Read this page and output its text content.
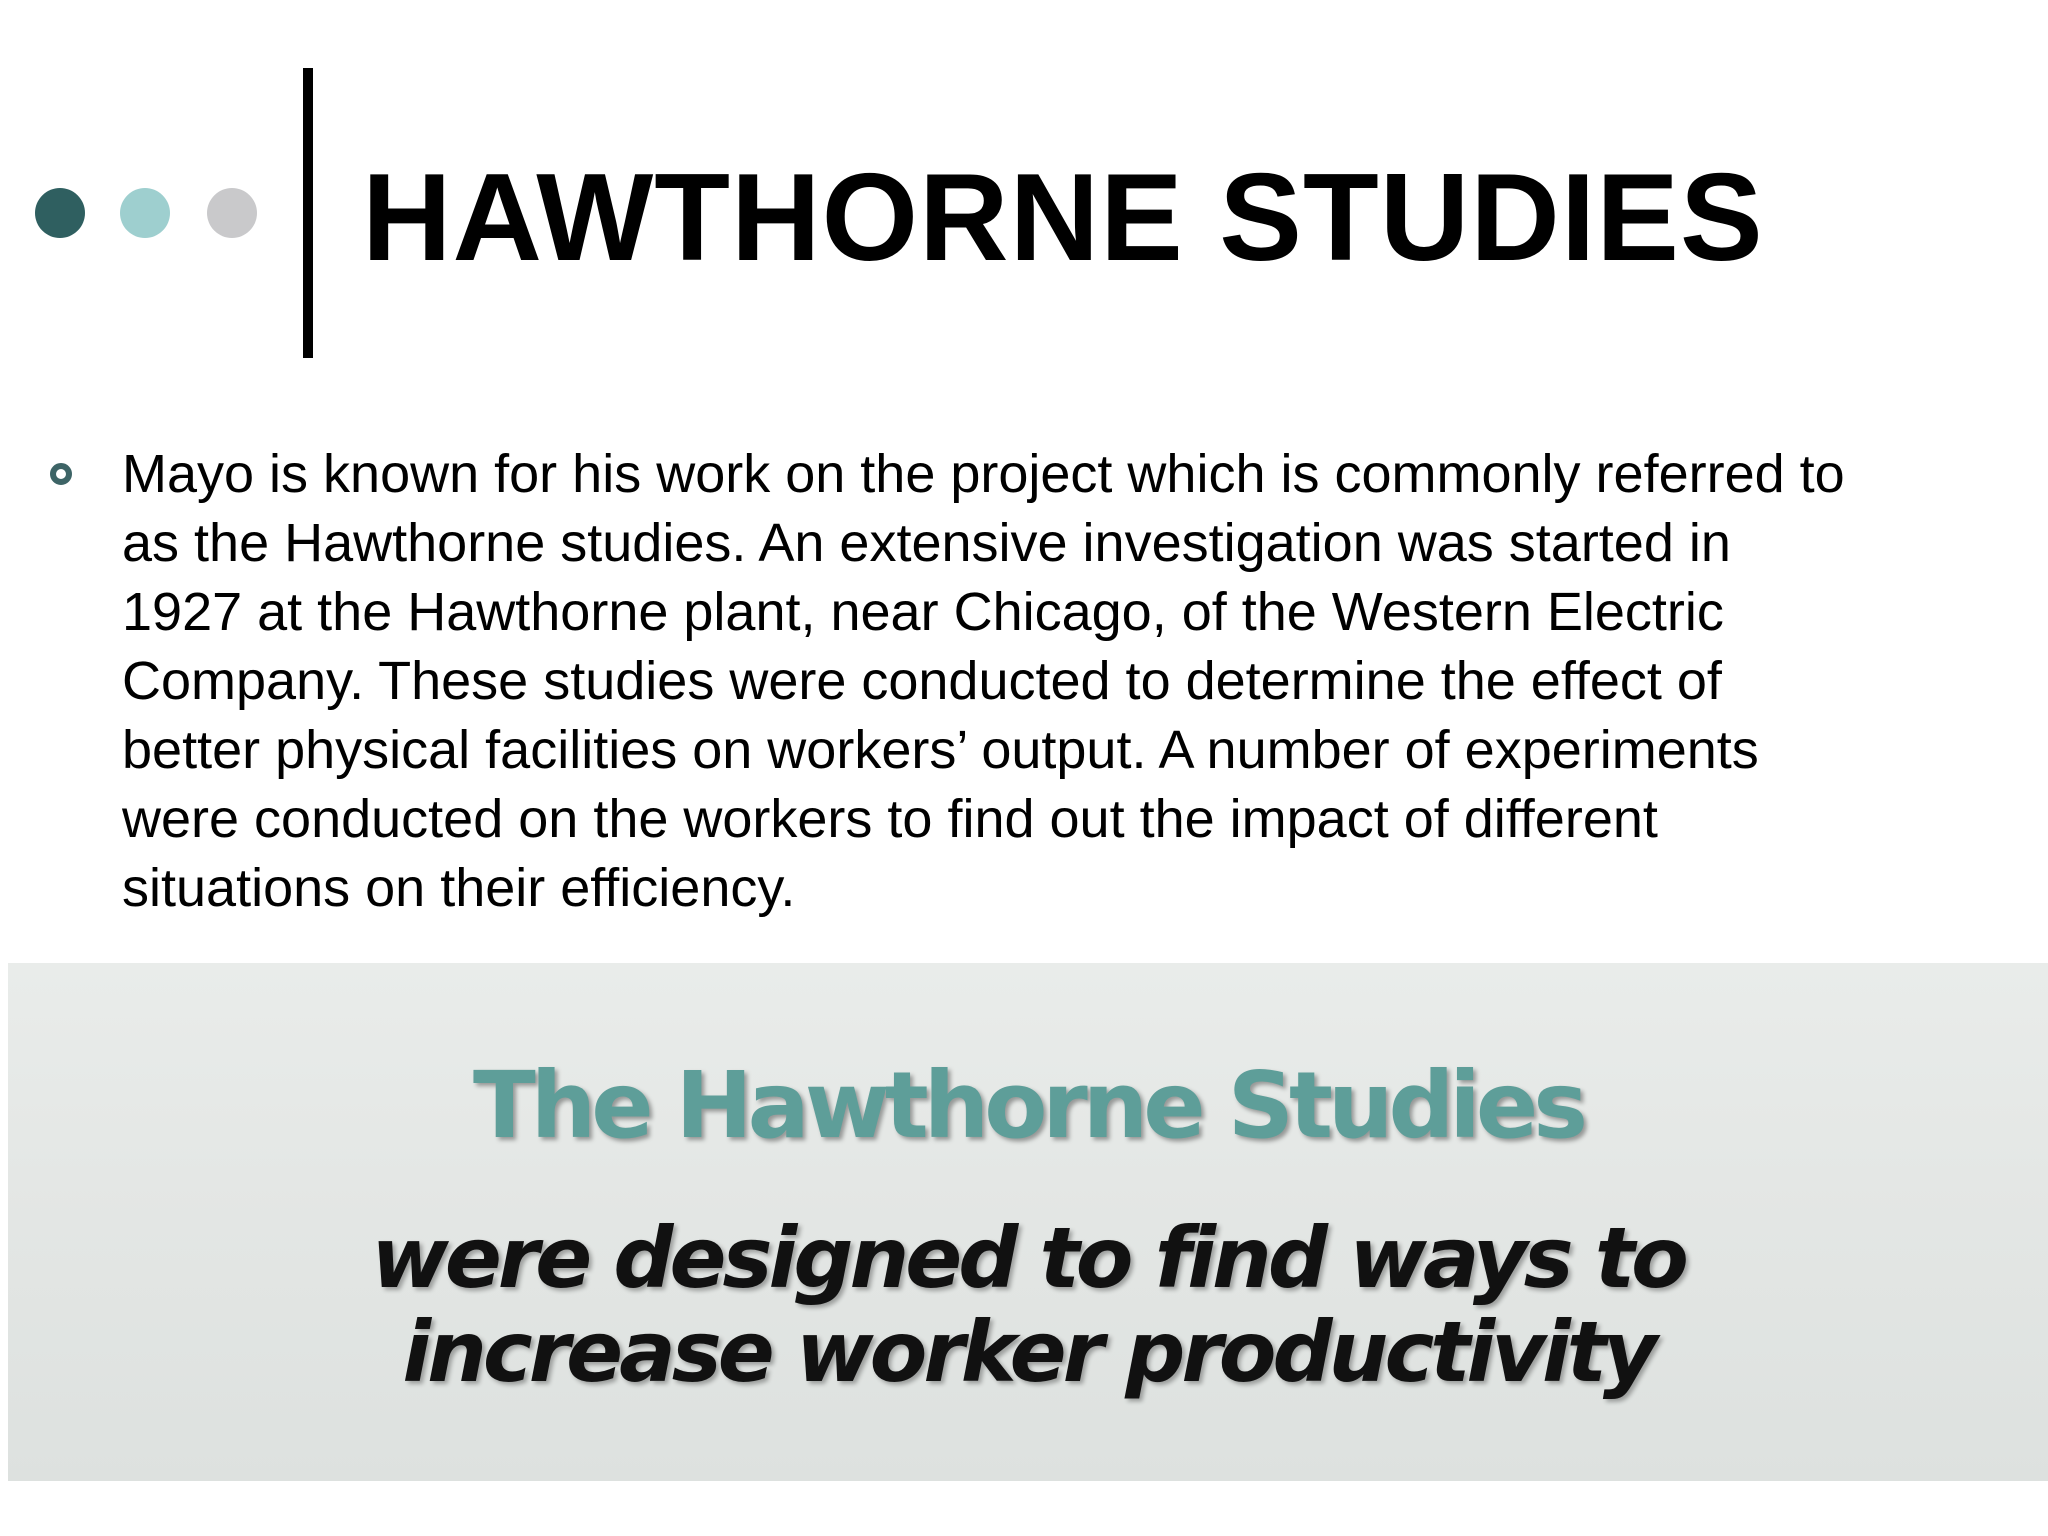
HAWTHORNE STUDIES

Mayo is known for his work on the project which is commonly referred to
as the Hawthorne studies. An extensive investigation was started in
1927 at the Hawthorne plant, near Chicago, of the Western Electric
Company. These studies were conducted to determine the effect of
better physical facilities on workers’ output. A number of experiments
were conducted on the workers to find out the impact of different
situations on their efficiency.

The Hawthorne Studies
were designed to find ways to
increase worker productivity
